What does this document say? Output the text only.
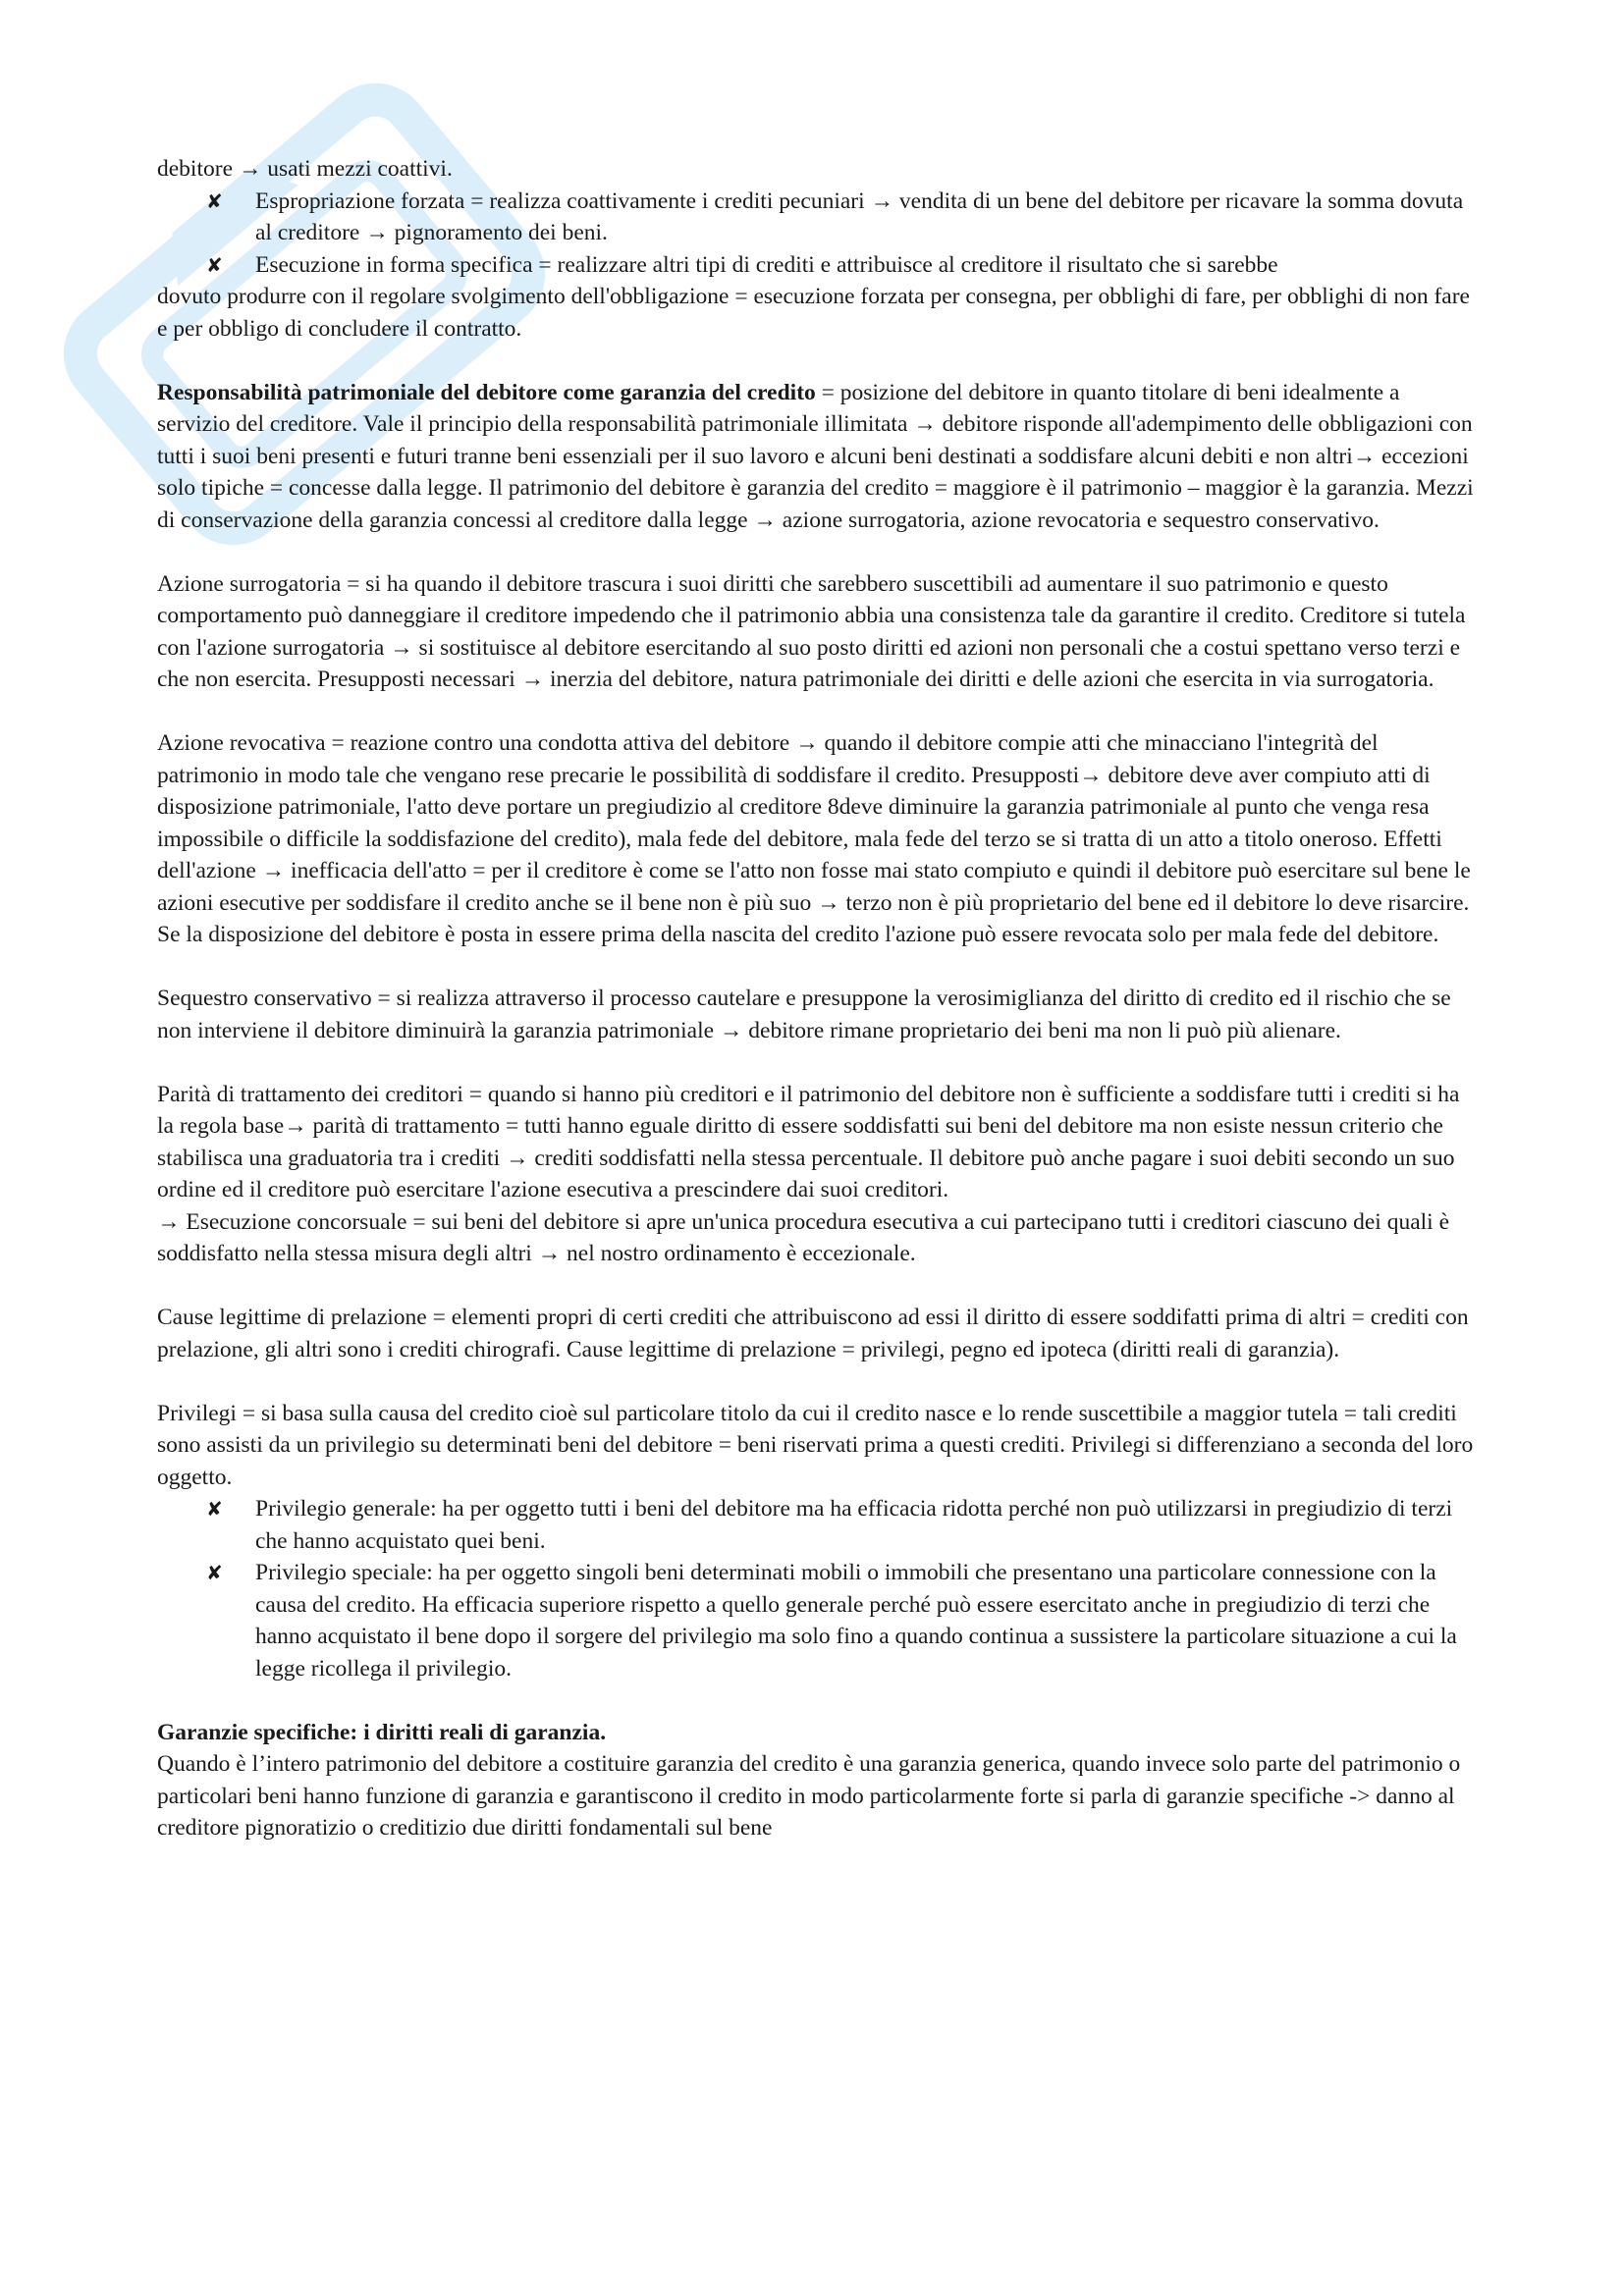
debitore → usati mezzi coattivi.

✘ Espropriazione forzata = realizza coattivamente i crediti pecuniari → vendita di un bene del debitore per ricavare la somma dovuta al creditore → pignoramento dei beni.
✘ Esecuzione in forma specifica = realizzare altri tipi di crediti e attribuisce al creditore il risultato che si sarebbe

dovuto produrre con il regolare svolgimento dell'obbligazione = esecuzione forzata per consegna, per obblighi di fare, per obblighi di non fare e per obbligo di concludere il contratto.

Responsabilità patrimoniale del debitore come garanzia del credito = posizione del debitore in quanto titolare di beni idealmente a servizio del creditore. Vale il principio della responsabilità patrimoniale illimitata → debitore risponde all'adempimento delle obbligazioni con tutti i suoi beni presenti e futuri tranne beni essenziali per il suo lavoro e alcuni beni destinati a soddisfare alcuni debiti e non altri→ eccezioni solo tipiche = concesse dalla legge. Il patrimonio del debitore è garanzia del credito = maggiore è il patrimonio – maggior è la garanzia. Mezzi di conservazione della garanzia concessi al creditore dalla legge → azione surrogatoria, azione revocatoria e sequestro conservativo.

Azione surrogatoria = si ha quando il debitore trascura i suoi diritti che sarebbero suscettibili ad aumentare il suo patrimonio e questo comportamento può danneggiare il creditore impedendo che il patrimonio abbia una consistenza tale da garantire il credito. Creditore si tutela con l'azione surrogatoria → si sostituisce al debitore esercitando al suo posto diritti ed azioni non personali che a costui spettano verso terzi e che non esercita. Presupposti necessari → inerzia del debitore, natura patrimoniale dei diritti e delle azioni che esercita in via surrogatoria.

Azione revocativa = reazione contro una condotta attiva del debitore → quando il debitore compie atti che minacciano l'integrità del patrimonio in modo tale che vengano rese precarie le possibilità di soddisfare il credito. Presupposti→ debitore deve aver compiuto atti di disposizione patrimoniale, l'atto deve portare un pregiudizio al creditore 8deve diminuire la garanzia patrimoniale al punto che venga resa impossibile o difficile la soddisfazione del credito), mala fede del debitore, mala fede del terzo se si tratta di un atto a titolo oneroso. Effetti dell'azione → inefficacia dell'atto = per il creditore è come se l'atto non fosse mai stato compiuto e quindi il debitore può esercitare sul bene le azioni esecutive per soddisfare il credito anche se il bene non è più suo → terzo non è più proprietario del bene ed il debitore lo deve risarcire.

Se la disposizione del debitore è posta in essere prima della nascita del credito l'azione può essere revocata solo per mala fede del debitore.

Sequestro conservativo = si realizza attraverso il processo cautelare e presuppone la verosimiglianza del diritto di credito ed il rischio che se non interviene il debitore diminuirà la garanzia patrimoniale → debitore rimane proprietario dei beni ma non li può più alienare.

Parità di trattamento dei creditori = quando si hanno più creditori e il patrimonio del debitore non è sufficiente a soddisfare tutti i crediti si ha la regola base→ parità di trattamento = tutti hanno eguale diritto di essere soddisfatti sui beni del debitore ma non esiste nessun criterio che stabilisca una graduatoria tra i crediti → crediti soddisfatti nella stessa percentuale. Il debitore può anche pagare i suoi debiti secondo un suo ordine ed il creditore può esercitare l'azione esecutiva a prescindere dai suoi creditori.

→ Esecuzione concorsuale = sui beni del debitore si apre un'unica procedura esecutiva a cui partecipano tutti i creditori ciascuno dei quali è soddisfatto nella stessa misura degli altri → nel nostro ordinamento è eccezionale.

Cause legittime di prelazione = elementi propri di certi crediti che attribuiscono ad essi il diritto di essere soddifatti prima di altri = crediti con prelazione, gli altri sono i crediti chirografi. Cause legittime di prelazione = privilegi, pegno ed ipoteca (diritti reali di garanzia).

Privilegi = si basa sulla causa del credito cioè sul particolare titolo da cui il credito nasce e lo rende suscettibile a maggior tutela = tali crediti sono assisti da un privilegio su determinati beni del debitore = beni riservati prima a questi crediti. Privilegi si differenziano a seconda del loro oggetto.

✘ Privilegio generale: ha per oggetto tutti i beni del debitore ma ha efficacia ridotta perché non può utilizzarsi in pregiudizio di terzi che hanno acquistato quei beni.
✘ Privilegio speciale: ha per oggetto singoli beni determinati mobili o immobili che presentano una particolare connessione con la causa del credito. Ha efficacia superiore rispetto a quello generale perché può essere esercitato anche in pregiudizio di terzi che hanno acquistato il bene dopo il sorgere del privilegio ma solo fino a quando continua a sussistere la particolare situazione a cui la legge ricollega il privilegio.

Garanzie specifiche: i diritti reali di garanzia.

Quando è l’intero patrimonio del debitore a costituire garanzia del credito è una garanzia generica, quando invece solo parte del patrimonio o particolari beni hanno funzione di garanzia e garantiscono il credito in modo particolarmente forte si parla di garanzie specifiche -> danno al creditore pignoratizio o creditizio due diritti fondamentali sul bene
